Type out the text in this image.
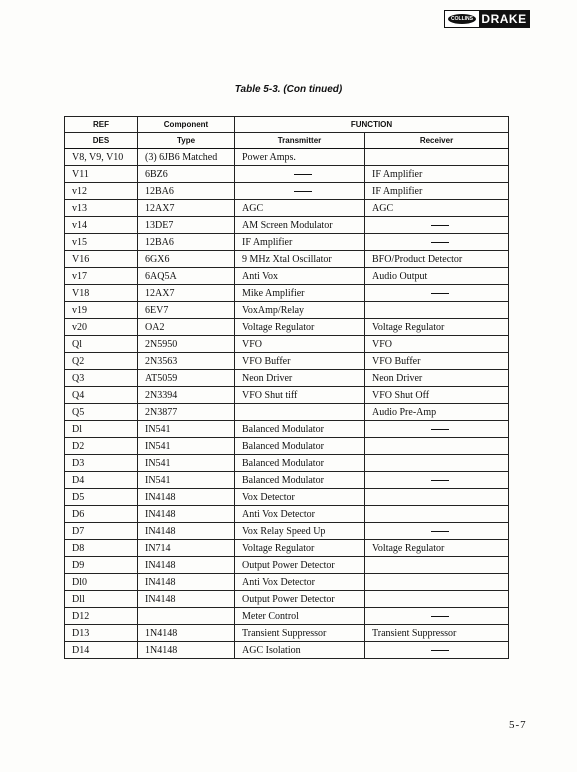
COLLINS DRAKE
Table 5-3. (Con tinued)
REF	Component	FUNCTION	
DES	Type	Transmitter	Receiver
V8, V9, V10	(3) 6JB6 Matched	Power Amps.	
V11	6BZ6		IF Amplifier
v12	12BA6		IF Amplifier
v13	12AX7	AGC	AGC
v14	13DE7	AM Screen Modulator	
v15	12BA6	IF Amplifier	
V16	6GX6	9 MHz Xtal Oscillator	BFO/Product Detector
v17	6AQ5A	Anti Vox	Audio Output
V18	12AX7	Mike Amplifier	
v19	6EV7	VoxAmp/Relay	
v20	OA2	Voltage Regulator	Voltage Regulator
Ql	2N5950	VFO	VFO
Q2	2N3563	VFO Buffer	VFO Buffer
Q3	AT5059	Neon Driver	Neon Driver
Q4	2N3394	VFO Shut tiff	VFO Shut Off
Q5	2N3877		Audio Pre-Amp
Dl	IN541	Balanced Modulator	
D2	IN541	Balanced Modulator	
D3	IN541	Balanced Modulator	
D4	IN541	Balanced Modulator	
D5	IN4148	Vox Detector	
D6	IN4148	Anti Vox Detector	
D7	IN4148	Vox Relay Speed Up	
D8	IN714	Voltage Regulator	Voltage Regulator
D9	IN4148	Output Power Detector	
Dl0	IN4148	Anti Vox Detector	
Dll	IN4148	Output Power Detector	
D12		Meter Control	
D13	1N4148	Transient Suppressor	Transient Suppressor
D14	1N4148	AGC Isolation	
5-7
